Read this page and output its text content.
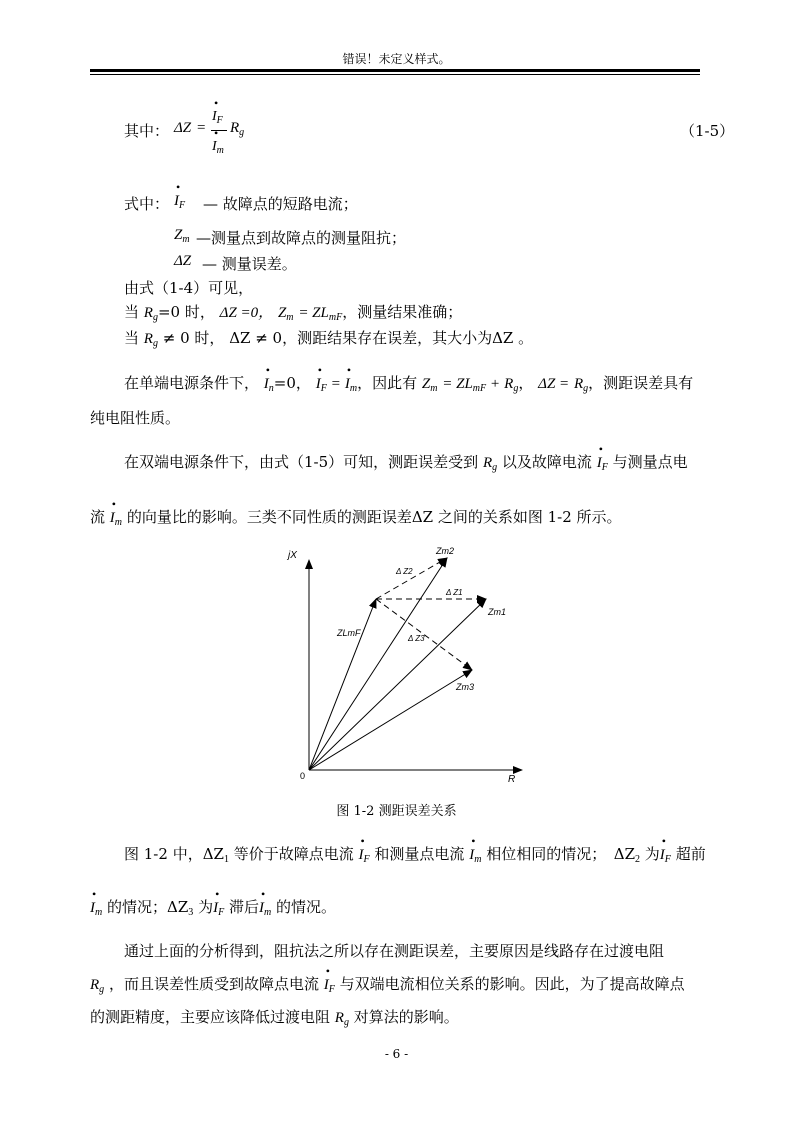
错误！未定义样式。
其中： ΔZ =
• $I_F$
• $I_m$
$R_g$	（1-5）
式中： • $I_F$ — 故障点的短路电流；
$Z_m$ —测量点到故障点的测量阻抗；
ΔZ — 测量误差。
由式（1-4）可见，
当 $R_g=0$ 时， ΔZ =0， $Z_m = ZL_{mF}$，测量结果准确；
当 $R_g \ne 0$ 时， ΔZ ≠ 0，测距结果存在误差，其大小为ΔZ 。
在单端电源条件下， • $I_n=0$， • $I_F$ = • $I_m$，因此有 $Z_m = ZL_{mF} + R_g$， $\Delta Z = R_g$，测距误差具有
纯电阻性质。
在双端电源条件下，由式（1-5）可知，测距误差受到 $R_g$ 以及故障电流 • $I_F$ 与测量点电
流 • $I_m$ 的向量比的影响。三类不同性质的测距误差ΔZ 之间的关系如图 1-2 所示。
jX
R
0
Zm2
Zm1
Zm3
ZLmF
Δ Z2
Δ Z1
Δ Z3
图 1-2 测距误差关系
图 1-2 中，$\Delta Z_1$ 等价于故障点电流 • $I_F$ 和测量点电流 • $I_m$ 相位相同的情况；　$\Delta Z_2$ 为• $I_F$ 超前
• $I_m$ 的情况；$\Delta Z_3$ 为• $I_F$ 滞后• $I_m$ 的情况。
通过上面的分析得到，阻抗法之所以存在测距误差，主要原因是线路存在过渡电阻
$R_g$ ，而且误差性质受到故障点电流 • $I_F$ 与双端电流相位关系的影响。因此，为了提高故障点
的测距精度，主要应该降低过渡电阻 $R_g$ 对算法的影响。
- 6 -
